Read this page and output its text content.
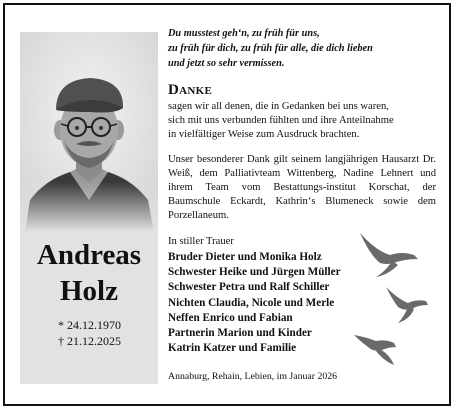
Andreas
Holz
* 24.12.1970
† 21.12.2025
Du musstest geh‘n, zu früh für uns,
zu früh für dich, zu früh für alle, die dich lieben
und jetzt so sehr vermissen.
Danke
sagen wir all denen, die in Gedanken bei uns waren,
sich mit uns verbunden fühlten und ihre Anteilnahme
in vielfältiger Weise zum Ausdruck brachten.
Unser besonderer Dank gilt seinem langjährigen Hausarzt Dr. Weiß, dem Palliativteam Wittenberg, Nadine Lehnert und ihrem Team vom Bestattungs-institut Korschat, der Baumschule Eckardt, Kathrin‘s Blumeneck sowie dem Porzellaneum.
In stiller Trauer
Bruder Dieter und Monika Holz
Schwester Heike und Jürgen Müller
Schwester Petra und Ralf Schiller
Nichten Claudia, Nicole und Merle
Neffen Enrico und Fabian
Partnerin Marion und Kinder
Katrin Katzer und Familie
Annaburg, Rehain, Lebien, im Januar 2026
